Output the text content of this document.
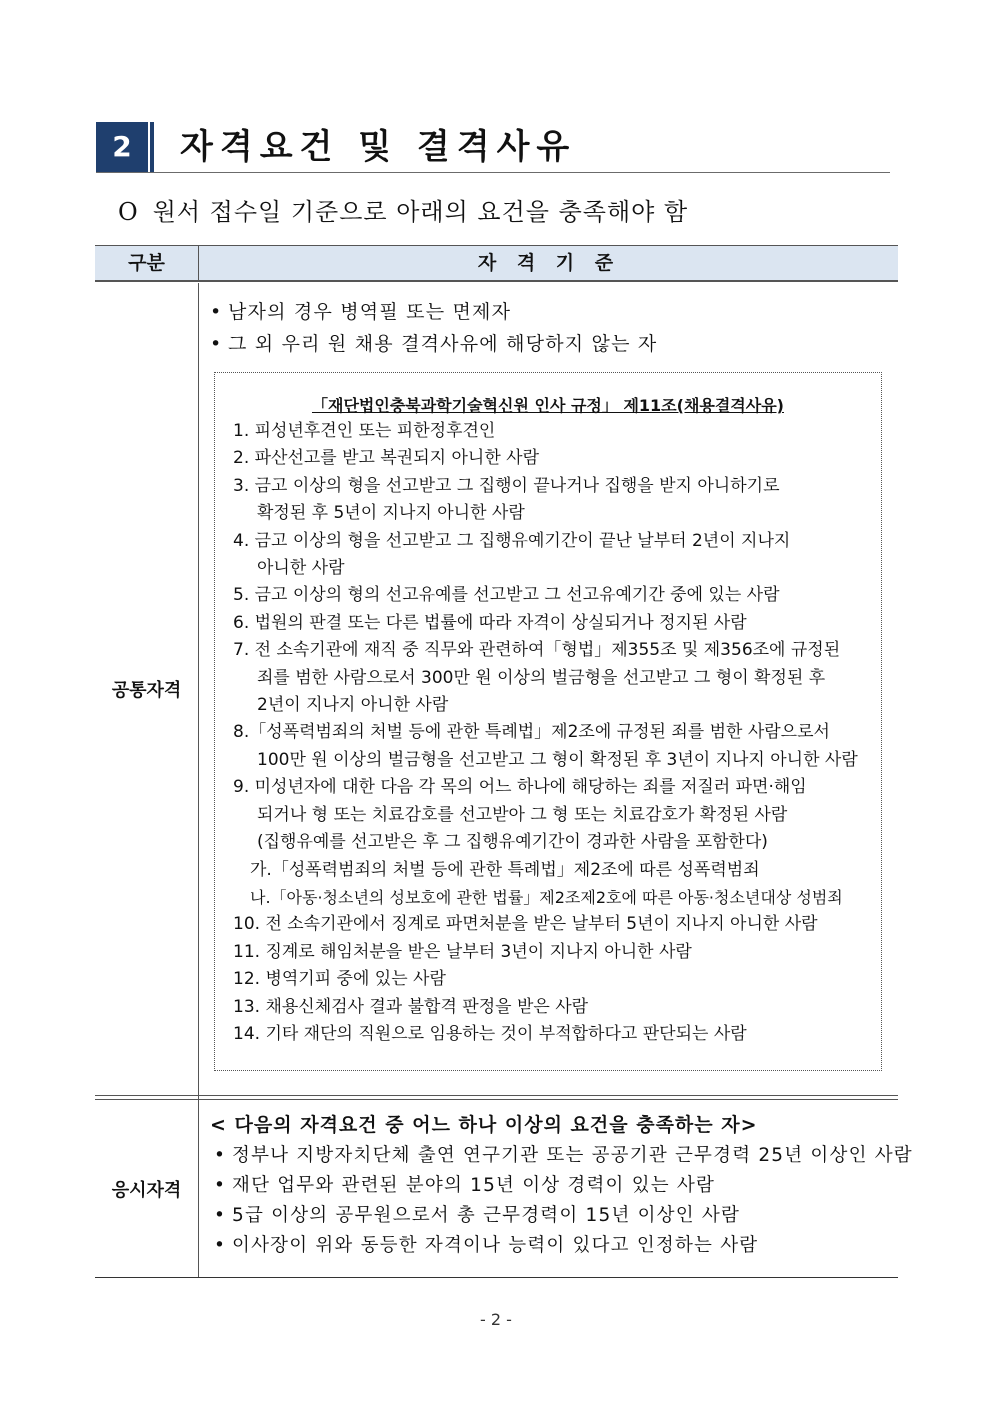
2	자격요건 및 결격사유
O 원서 접수일 기준으로 아래의 요건을 충족해야 함
구분	자 격 기 준
공통자격
• 남자의 경우 병역필 또는 면제자
• 그 외 우리 원 채용 결격사유에 해당하지 않는 자
「재단법인충북과학기술혁신원 인사 규정」 제11조(채용결격사유)
1. 피성년후견인 또는 피한정후견인
2. 파산선고를 받고 복권되지 아니한 사람
3. 금고 이상의 형을 선고받고 그 집행이 끝나거나 집행을 받지 아니하기로
확정된 후 5년이 지나지 아니한 사람
4. 금고 이상의 형을 선고받고 그 집행유예기간이 끝난 날부터 2년이 지나지
아니한 사람
5. 금고 이상의 형의 선고유예를 선고받고 그 선고유예기간 중에 있는 사람
6. 법원의 판결 또는 다른 법률에 따라 자격이 상실되거나 정지된 사람
7. 전 소속기관에 재직 중 직무와 관련하여「형법」제355조 및 제356조에 규정된
죄를 범한 사람으로서 300만 원 이상의 벌금형을 선고받고 그 형이 확정된 후
2년이 지나지 아니한 사람
8.「성폭력범죄의 처벌 등에 관한 특례법」제2조에 규정된 죄를 범한 사람으로서
100만 원 이상의 벌금형을 선고받고 그 형이 확정된 후 3년이 지나지 아니한 사람
9. 미성년자에 대한 다음 각 목의 어느 하나에 해당하는 죄를 저질러 파면·해임
되거나 형 또는 치료감호를 선고받아 그 형 또는 치료감호가 확정된 사람
(집행유예를 선고받은 후 그 집행유예기간이 경과한 사람을 포함한다)
가.「성폭력범죄의 처벌 등에 관한 특례법」제2조에 따른 성폭력범죄
나.「아동·청소년의 성보호에 관한 법률」제2조제2호에 따른 아동·청소년대상 성범죄
10. 전 소속기관에서 징계로 파면처분을 받은 날부터 5년이 지나지 아니한 사람
11. 징계로 해임처분을 받은 날부터 3년이 지나지 아니한 사람
12. 병역기피 중에 있는 사람
13. 채용신체검사 결과 불합격 판정을 받은 사람
14. 기타 재단의 직원으로 임용하는 것이 부적합하다고 판단되는 사람
응시자격
< 다음의 자격요건 중 어느 하나 이상의 요건을 충족하는 자>
• 정부나 지방자치단체 출연 연구기관 또는 공공기관 근무경력 25년 이상인 사람
• 재단 업무와 관련된 분야의 15년 이상 경력이 있는 사람
• 5급 이상의 공무원으로서 총 근무경력이 15년 이상인 사람
• 이사장이 위와 동등한 자격이나 능력이 있다고 인정하는 사람
- 2 -
